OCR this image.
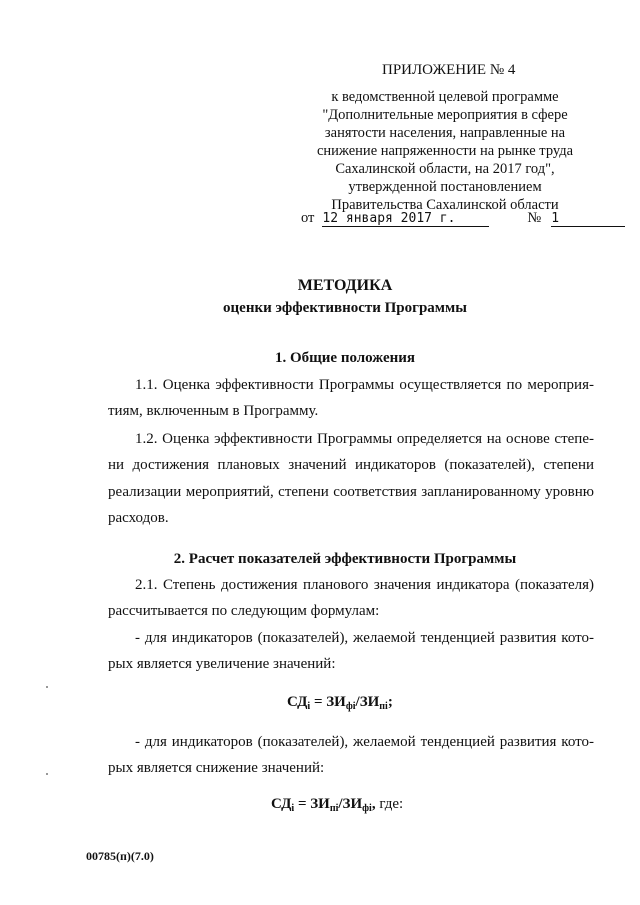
ПРИЛОЖЕНИЕ № 4
к ведомственной целевой программе
"Дополнительные мероприятия в сфере
занятости населения, направленные на
снижение напряженности на рынке труда
Сахалинской области, на 2017 год",
утвержденной постановлением
Правительства Сахалинской области
от 12 января 2017 г.	№ 1
МЕТОДИКА
оценки эффективности Программы
1. Общие положения
1.1. Оценка эффективности Программы осуществляется по мероприятиям, включенным в Программу.
1.2. Оценка эффективности Программы определяется на основе степени достижения плановых значений индикаторов (показателей), степени реализации мероприятий, степени соответствия запланированному уровню расходов.
2. Расчет показателей эффективности Программы
2.1. Степень достижения планового значения индикатора (показателя) рассчитывается по следующим формулам:
- для индикаторов (показателей), желаемой тенденцией развития которых является увеличение значений:
$СД_i = ЗИ_{фi}/ЗИ_{пi}$;
- для индикаторов (показателей), желаемой тенденцией развития которых является снижение значений:
$СД_i = ЗИ_{пi}/ЗИ_{фi}$, где:
00785(п)(7.0)
